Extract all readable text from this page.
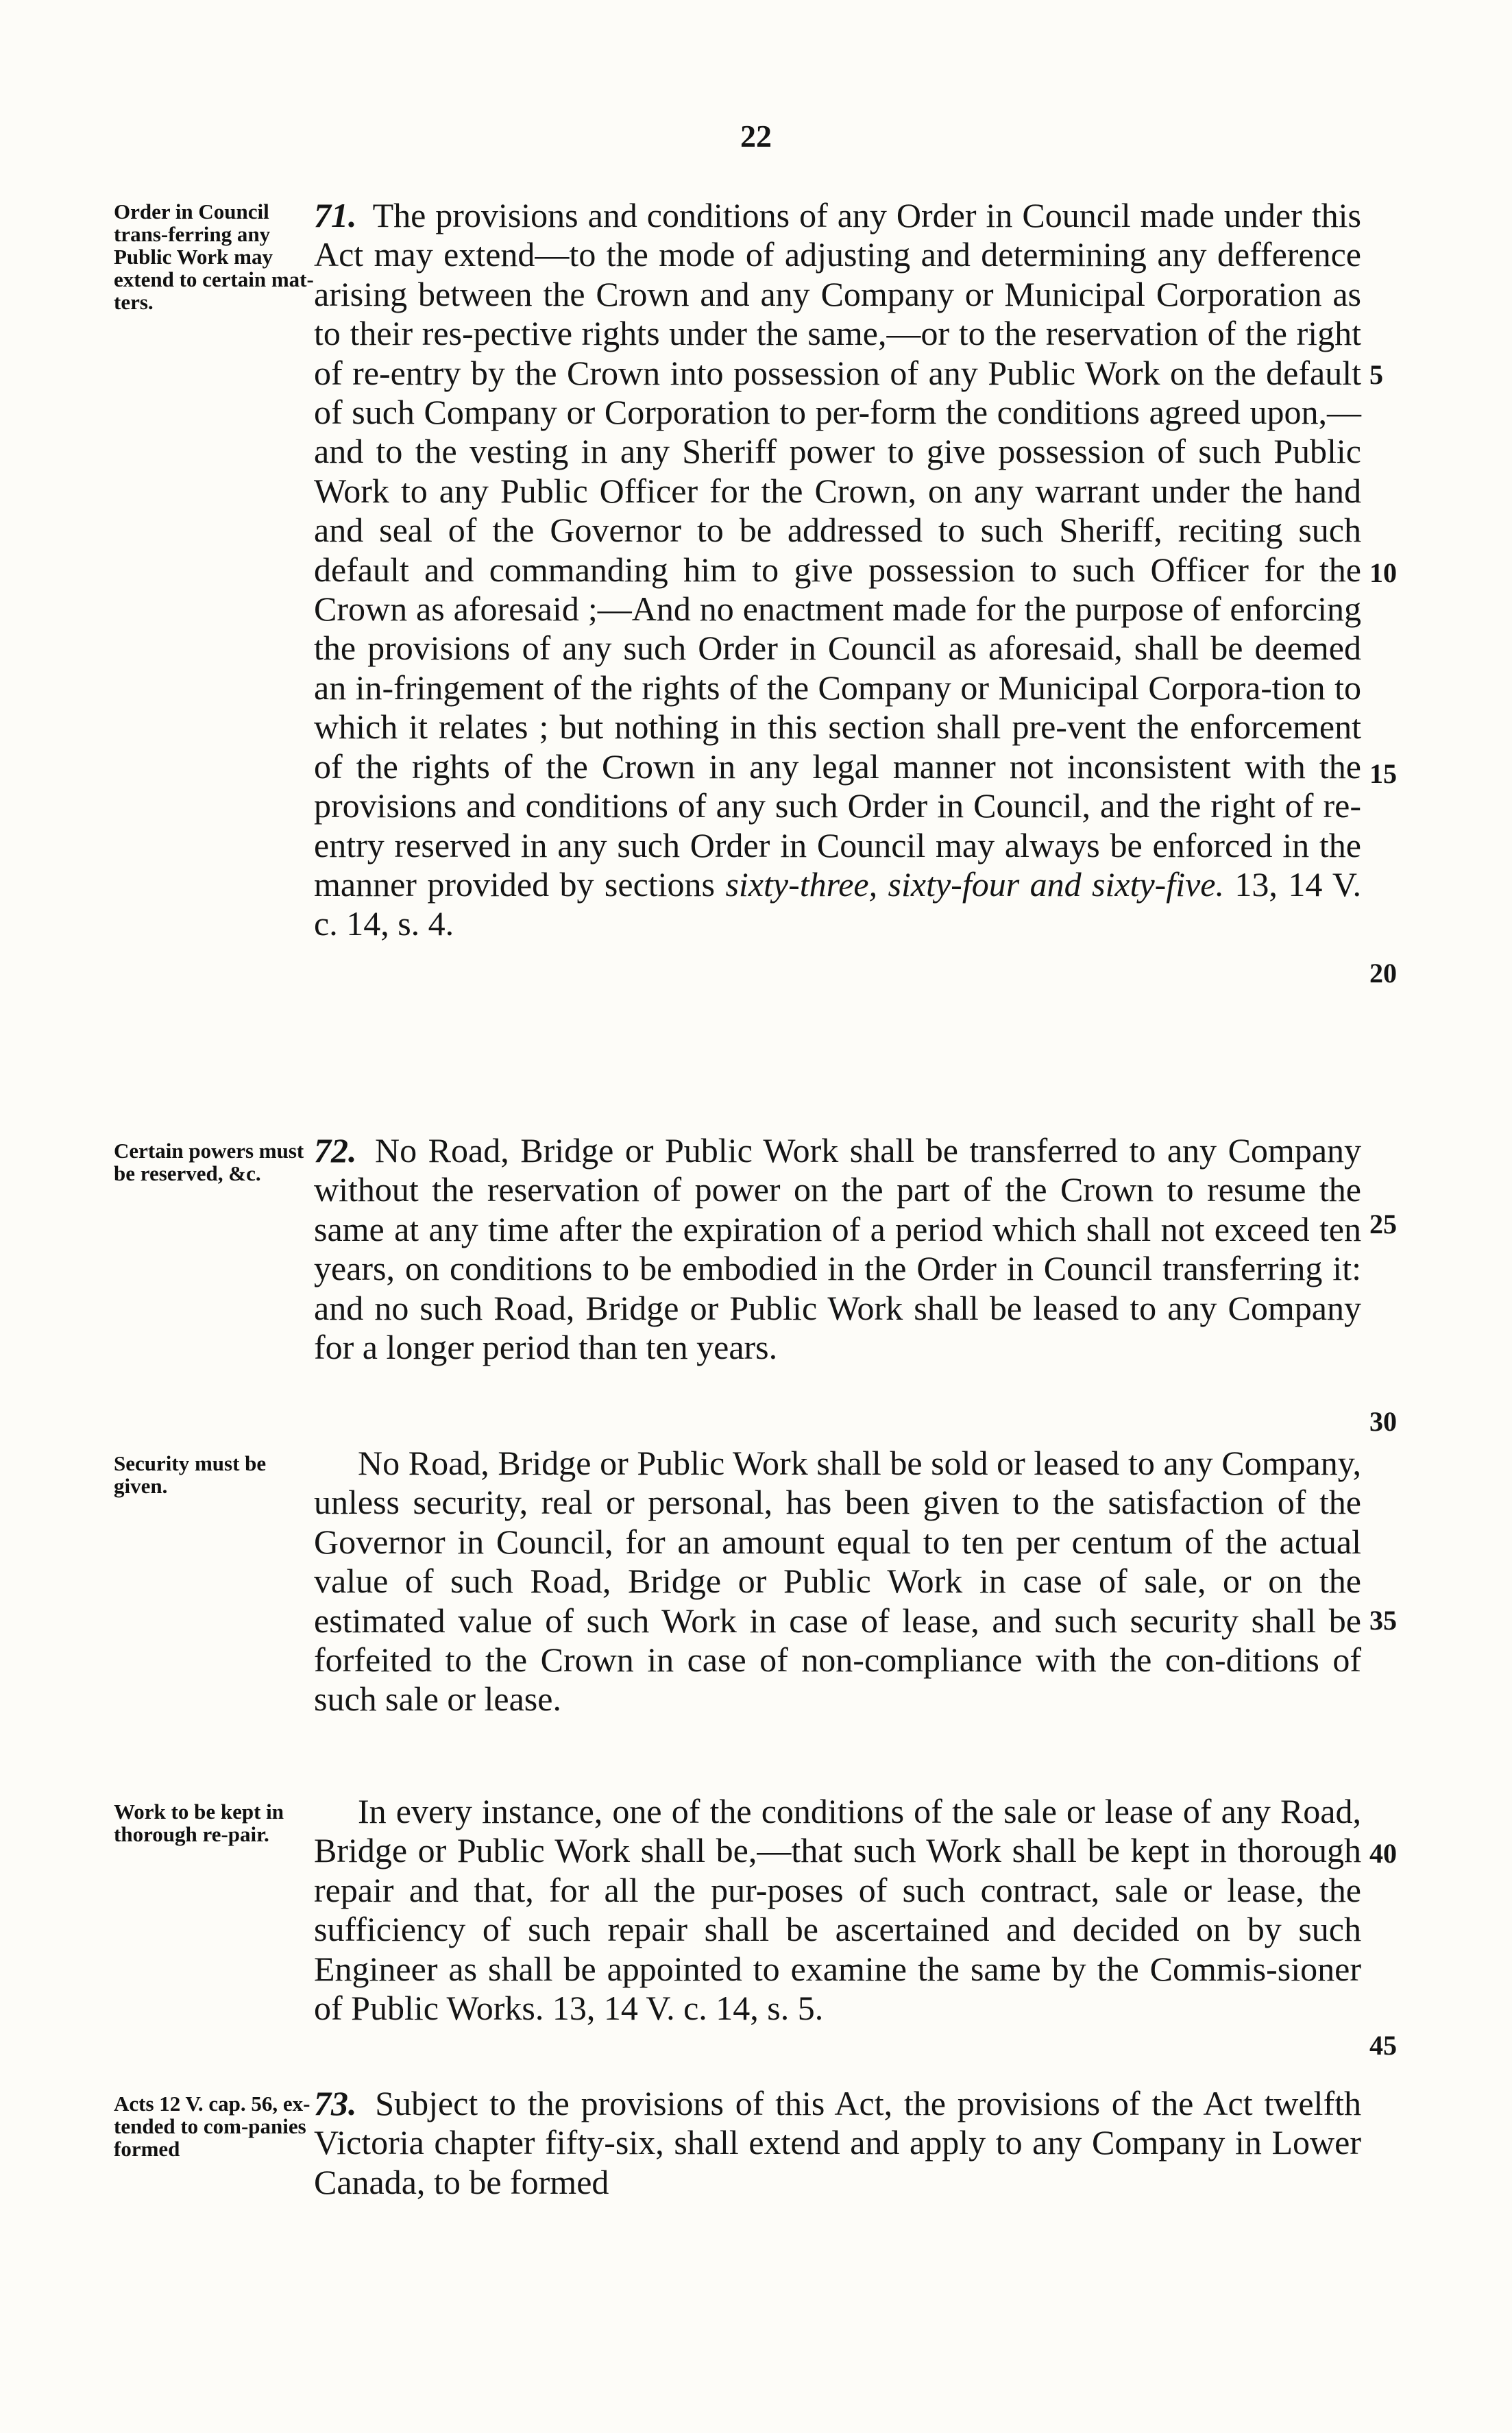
22
Order in Council trans-ferring any Public Work may extend to certain mat-ters.
71. The provisions and conditions of any Order in Council made under this Act may extend—to the mode of adjusting and determining any defference arising between the Crown and any Company or Municipal Corporation as to their res-pective rights under the same,—or to the reservation of the right of re-entry by the Crown into possession of any Public Work on the default of such Company or Corporation to per-form the conditions agreed upon,—and to the vesting in any Sheriff power to give possession of such Public Work to any Public Officer for the Crown, on any warrant under the hand and seal of the Governor to be addressed to such Sheriff, reciting such default and commanding him to give possession to such Officer for the Crown as aforesaid ;—And no enactment made for the purpose of enforcing the provisions of any such Order in Council as aforesaid, shall be deemed an in-fringement of the rights of the Company or Municipal Corpora-tion to which it relates ; but nothing in this section shall pre-vent the enforcement of the rights of the Crown in any legal manner not inconsistent with the provisions and conditions of any such Order in Council, and the right of re-entry reserved in any such Order in Council may always be enforced in the manner provided by sections sixty-three, sixty-four and sixty-five. 13, 14 V. c. 14, s. 4.
Certain powers must be reserved, &c.
72. No Road, Bridge or Public Work shall be transferred to any Company without the reservation of power on the part of the Crown to resume the same at any time after the expiration of a period which shall not exceed ten years, on conditions to be embodied in the Order in Council transferring it: and no such Road, Bridge or Public Work shall be leased to any Company for a longer period than ten years.
Security must be given.
No Road, Bridge or Public Work shall be sold or leased to any Company, unless security, real or personal, has been given to the satisfaction of the Governor in Council, for an amount equal to ten per centum of the actual value of such Road, Bridge or Public Work in case of sale, or on the estimated value of such Work in case of lease, and such security shall be forfeited to the Crown in case of non-compliance with the con-ditions of such sale or lease.
Work to be kept in thorough re-pair.
In every instance, one of the conditions of the sale or lease of any Road, Bridge or Public Work shall be,—that such Work shall be kept in thorough repair and that, for all the pur-poses of such contract, sale or lease, the sufficiency of such repair shall be ascertained and decided on by such Engineer as shall be appointed to examine the same by the Commis-sioner of Public Works. 13, 14 V. c. 14, s. 5.
Acts 12 V. cap. 56, ex-tended to com-panies formed
73. Subject to the provisions of this Act, the provisions of the Act twelfth Victoria chapter fifty-six, shall extend and apply to any Company in Lower Canada, to be formed
5
10
15
20
25
30
35
40
45
